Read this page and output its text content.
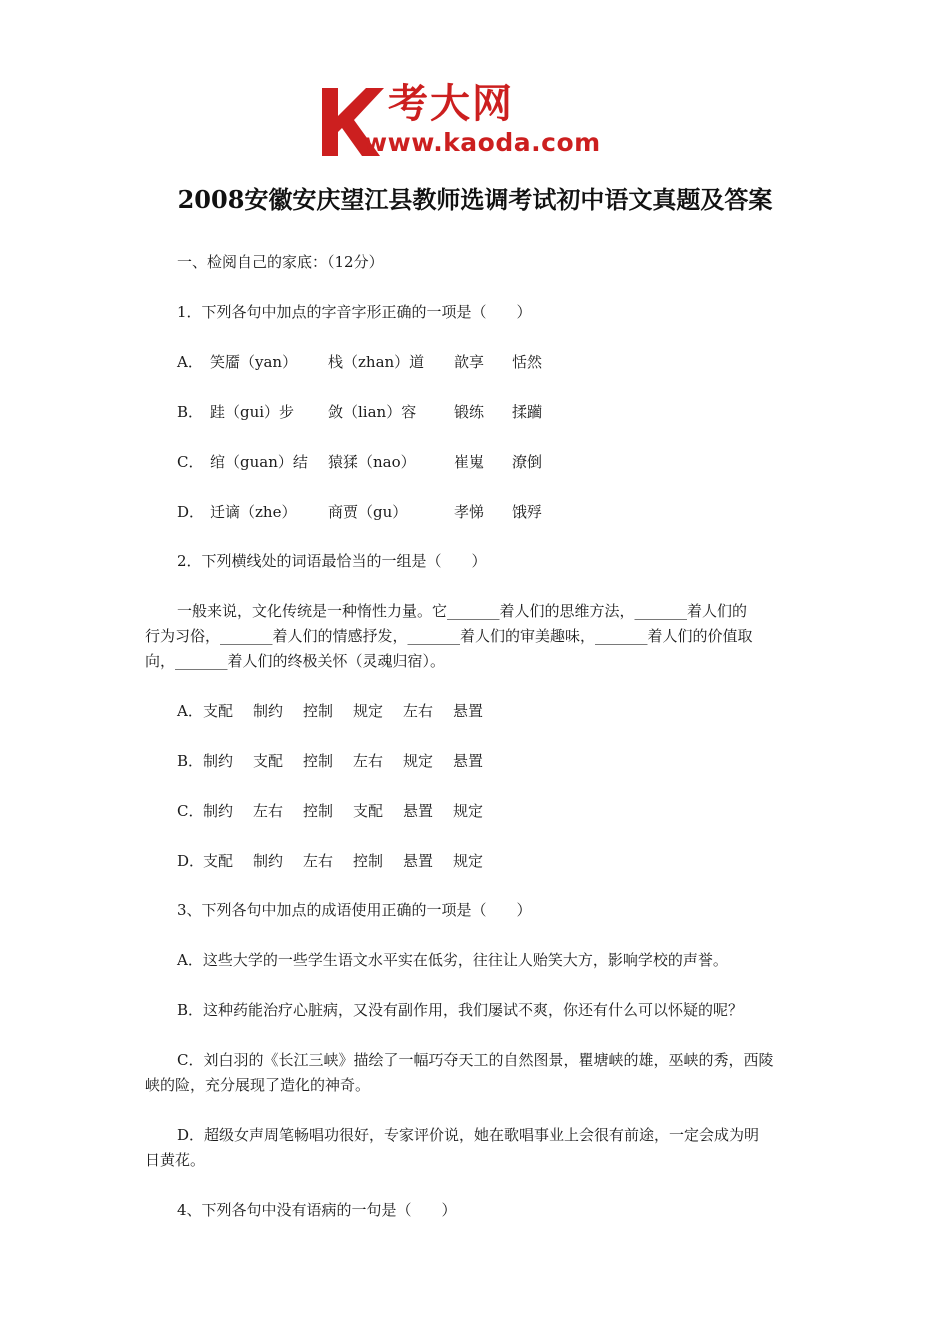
考大网
www.kaoda.com
2008安徽安庆望江县教师选调考试初中语文真题及答案
一、检阅自己的家底：（12分）
1．下列各句中加点的字音字形正确的一项是（　　）
A． 笑靥（yan） 栈（zhan）道 歆享 恬然
B． 跬（gui）步 敛（lian）容	锻练 揉躏
C． 绾（guan）结 猿猱（nao）	崔嵬 潦倒
D． 迁谪（zhe） 商贾（gu）	孝悌 饿殍
2．下列横线处的词语最恰当的一组是（　　）
一般来说，文化传统是一种惰性力量。它_______着人们的思维方法，_______着人们的
行为习俗，_______着人们的情感抒发，_______着人们的审美趣味，_______着人们的价值取
向，_______着人们的终极关怀（灵魂归宿）。
A．支配 制约 控制 规定 左右 悬置
B．制约 支配 控制 左右 规定 悬置
C．制约 左右 控制 支配 悬置 规定
D．支配 制约 左右 控制 悬置 规定
3、下列各句中加点的成语使用正确的一项是（　　）
A．这些大学的一些学生语文水平实在低劣，往往让人贻笑大方，影响学校的声誉。
B．这种药能治疗心脏病，又没有副作用，我们屡试不爽，你还有什么可以怀疑的呢？
C．刘白羽的《长江三峡》描绘了一幅巧夺天工的自然图景，瞿塘峡的雄，巫峡的秀，西陵
峡的险，充分展现了造化的神奇。
D．超级女声周笔畅唱功很好，专家评价说，她在歌唱事业上会很有前途，一定会成为明
日黄花。
4、下列各句中没有语病的一句是（　　）
